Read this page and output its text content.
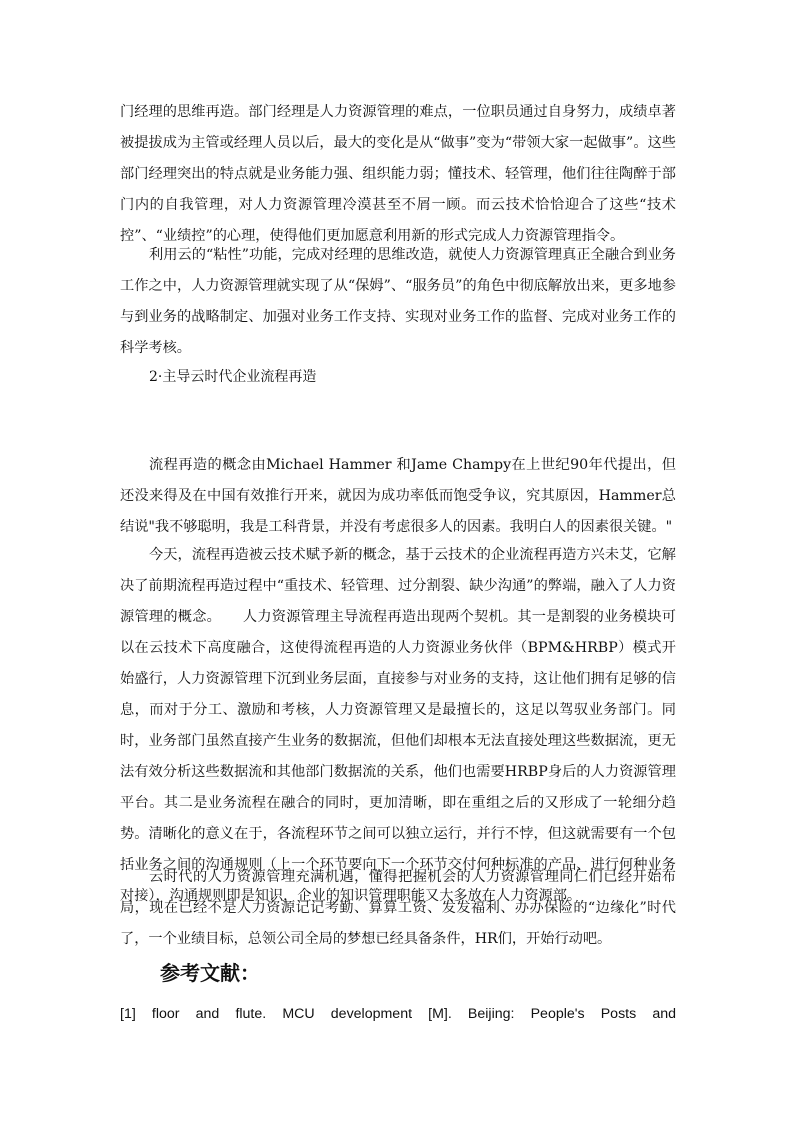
门经理的思维再造。部门经理是人力资源管理的难点，一位职员通过自身努力，成绩卓著被提拔成为主管或经理人员以后，最大的变化是从“做事”变为“带领大家一起做事”。这些部门经理突出的特点就是业务能力强、组织能力弱；懂技术、轻管理，他们往往陶醉于部门内的自我管理，对人力资源管理冷漠甚至不屑一顾。而云技术恰恰迎合了这些“技术控”、“业绩控”的心理，使得他们更加愿意利用新的形式完成人力资源管理指令。

利用云的“粘性”功能，完成对经理的思维改造，就使人力资源管理真正全融合到业务工作之中，人力资源管理就实现了从“保姆”、“服务员”的角色中彻底解放出来，更多地参与到业务的战略制定、加强对业务工作支持、实现对业务工作的监督、完成对业务工作的科学考核。

2·主导云时代企业流程再造

流程再造的概念由Michael Hammer 和Jame Champy在上世纪90年代提出，但还没来得及在中国有效推行开来，就因为成功率低而饱受争议，究其原因，Hammer总结说"我不够聪明，我是工科背景，并没有考虑很多人的因素。我明白人的因素很关键。"

今天，流程再造被云技术赋予新的概念，基于云技术的企业流程再造方兴未艾，它解决了前期流程再造过程中“重技术、轻管理、过分割裂、缺少沟通”的弊端，融入了人力资源管理的概念。　　人力资源管理主导流程再造出现两个契机。其一是割裂的业务模块可以在云技术下高度融合，这使得流程再造的人力资源业务伙伴（BPM&HRBP）模式开始盛行，人力资源管理下沉到业务层面，直接参与对业务的支持，这让他们拥有足够的信息，而对于分工、激励和考核，人力资源管理又是最擅长的，这足以驾驭业务部门。同时，业务部门虽然直接产生业务的数据流，但他们却根本无法直接处理这些数据流，更无法有效分析这些数据流和其他部门数据流的关系，他们也需要HRBP身后的人力资源管理平台。其二是业务流程在融合的同时，更加清晰，即在重组之后的又形成了一轮细分趋势。清晰化的意义在于，各流程环节之间可以独立运行，并行不悖，但这就需要有一个包括业务之间的沟通规则（上一个环节要向下一个环节交付何种标准的产品、进行何种业务对接），沟通规则即是知识，企业的知识管理职能又大多放在人力资源部。

云时代的人力资源管理充满机遇，懂得把握机会的人力资源管理同仁们已经开始布局，现在已经不是人力资源记记考勤、算算工资、发发福利、办办保险的“边缘化”时代了，一个业绩目标，总领公司全局的梦想已经具备条件，HR们，开始行动吧。

参考文献：

[1] floor and flute. MCU development [M]. Beijing: People's Posts and
